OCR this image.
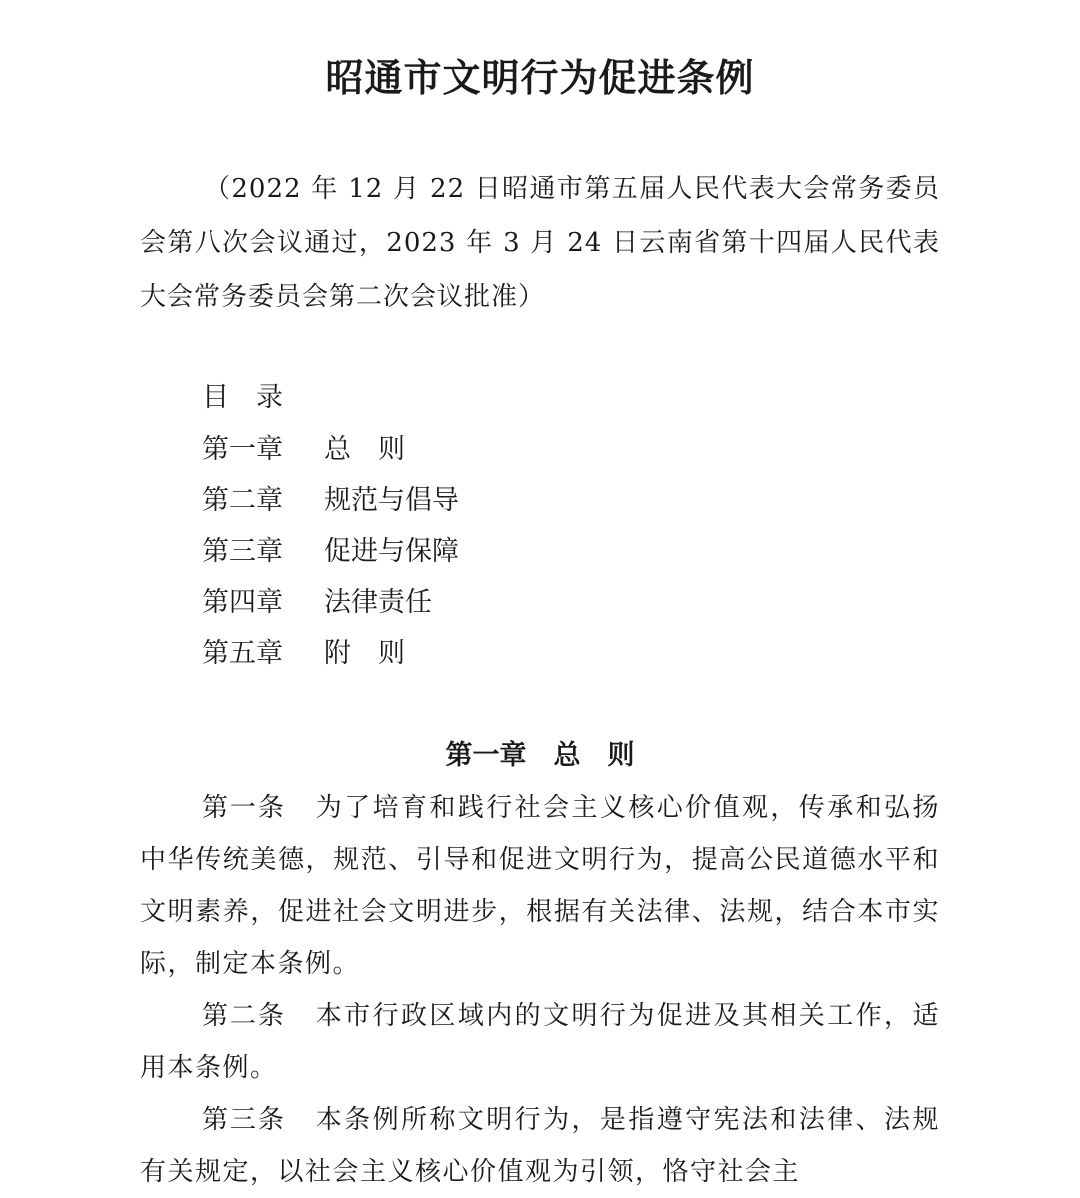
昭通市文明行为促进条例

（2022 年 12 月 22 日昭通市第五届人民代表大会常务委员会第八次会议通过，2023 年 3 月 24 日云南省第十四届人民代表大会常务委员会第二次会议批准）

目　录

第一章 总　则

第二章 规范与倡导

第三章 促进与保障

第四章 法律责任

第五章 附　则

第一章　总　则

第一条 为了培育和践行社会主义核心价值观，传承和弘扬中华传统美德，规范、引导和促进文明行为，提高公民道德水平和文明素养，促进社会文明进步，根据有关法律、法规，结合本市实际，制定本条例。

第二条 本市行政区域内的文明行为促进及其相关工作，适用本条例。

第三条 本条例所称文明行为，是指遵守宪法和法律、法规有关规定，以社会主义核心价值观为引领，恪守社会主
